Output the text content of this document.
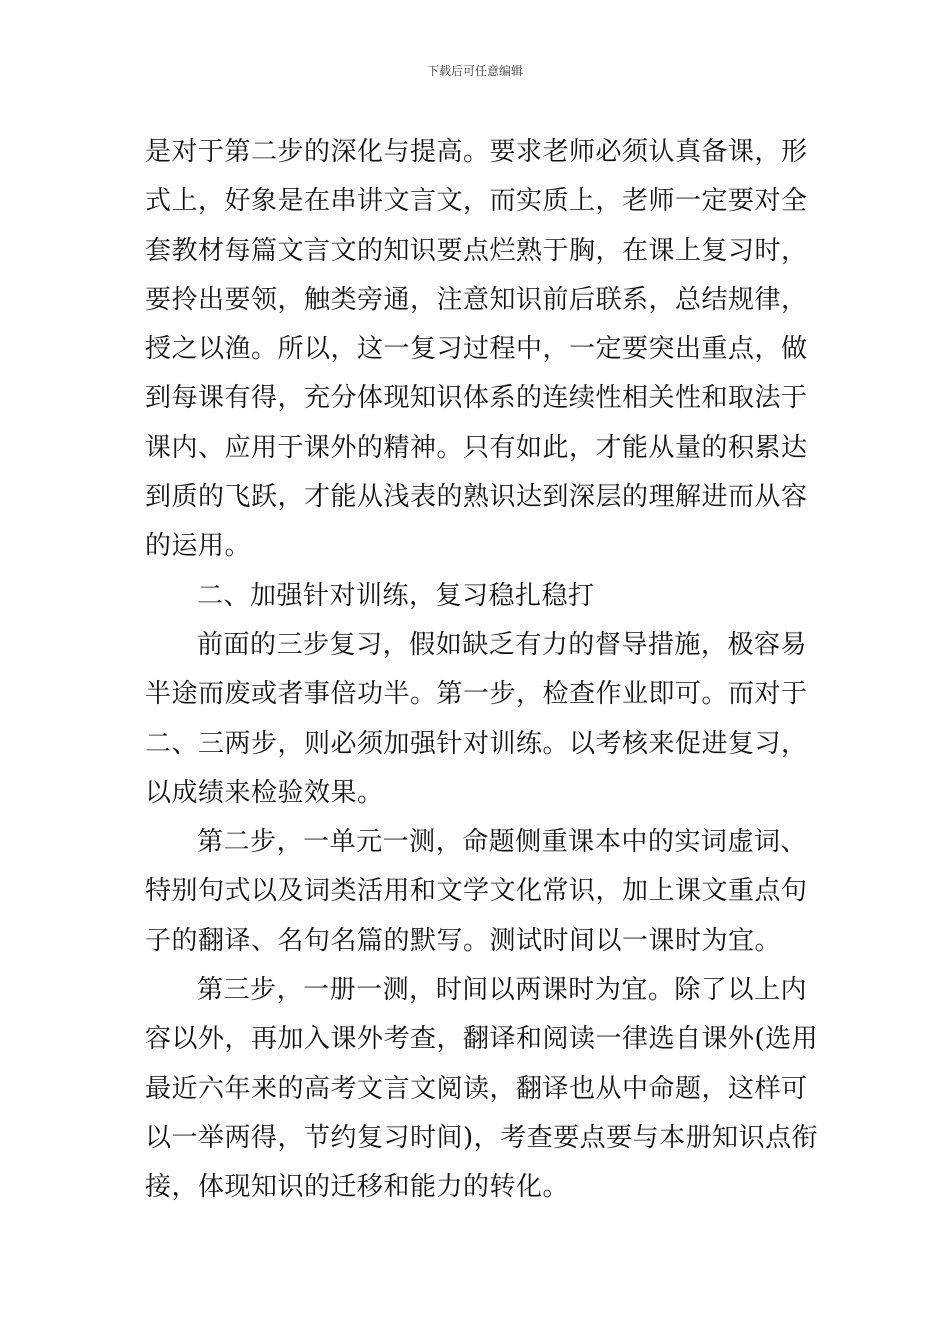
下载后可任意编辑
是对于第二步的深化与提高。要求老师必须认真备课，形
式上，好象是在串讲文言文，而实质上，老师一定要对全
套教材每篇文言文的知识要点烂熟于胸，在课上复习时，
要拎出要领，触类旁通，注意知识前后联系，总结规律，
授之以渔。所以，这一复习过程中，一定要突出重点，做
到每课有得，充分体现知识体系的连续性相关性和取法于
课内、应用于课外的精神。只有如此，才能从量的积累达
到质的飞跃，才能从浅表的熟识达到深层的理解进而从容
的运用。
二、加强针对训练，复习稳扎稳打
前面的三步复习，假如缺乏有力的督导措施，极容易
半途而废或者事倍功半。第一步，检查作业即可。而对于
二、三两步，则必须加强针对训练。以考核来促进复习，
以成绩来检验效果。
第二步，一单元一测，命题侧重课本中的实词虚词、
特别句式以及词类活用和文学文化常识，加上课文重点句
子的翻译、名句名篇的默写。测试时间以一课时为宜。
第三步，一册一测，时间以两课时为宜。除了以上内
容以外，再加入课外考查，翻译和阅读一律选自课外(选用
最近六年来的高考文言文阅读，翻译也从中命题，这样可
以一举两得，节约复习时间)，考查要点要与本册知识点衔
接，体现知识的迁移和能力的转化。
